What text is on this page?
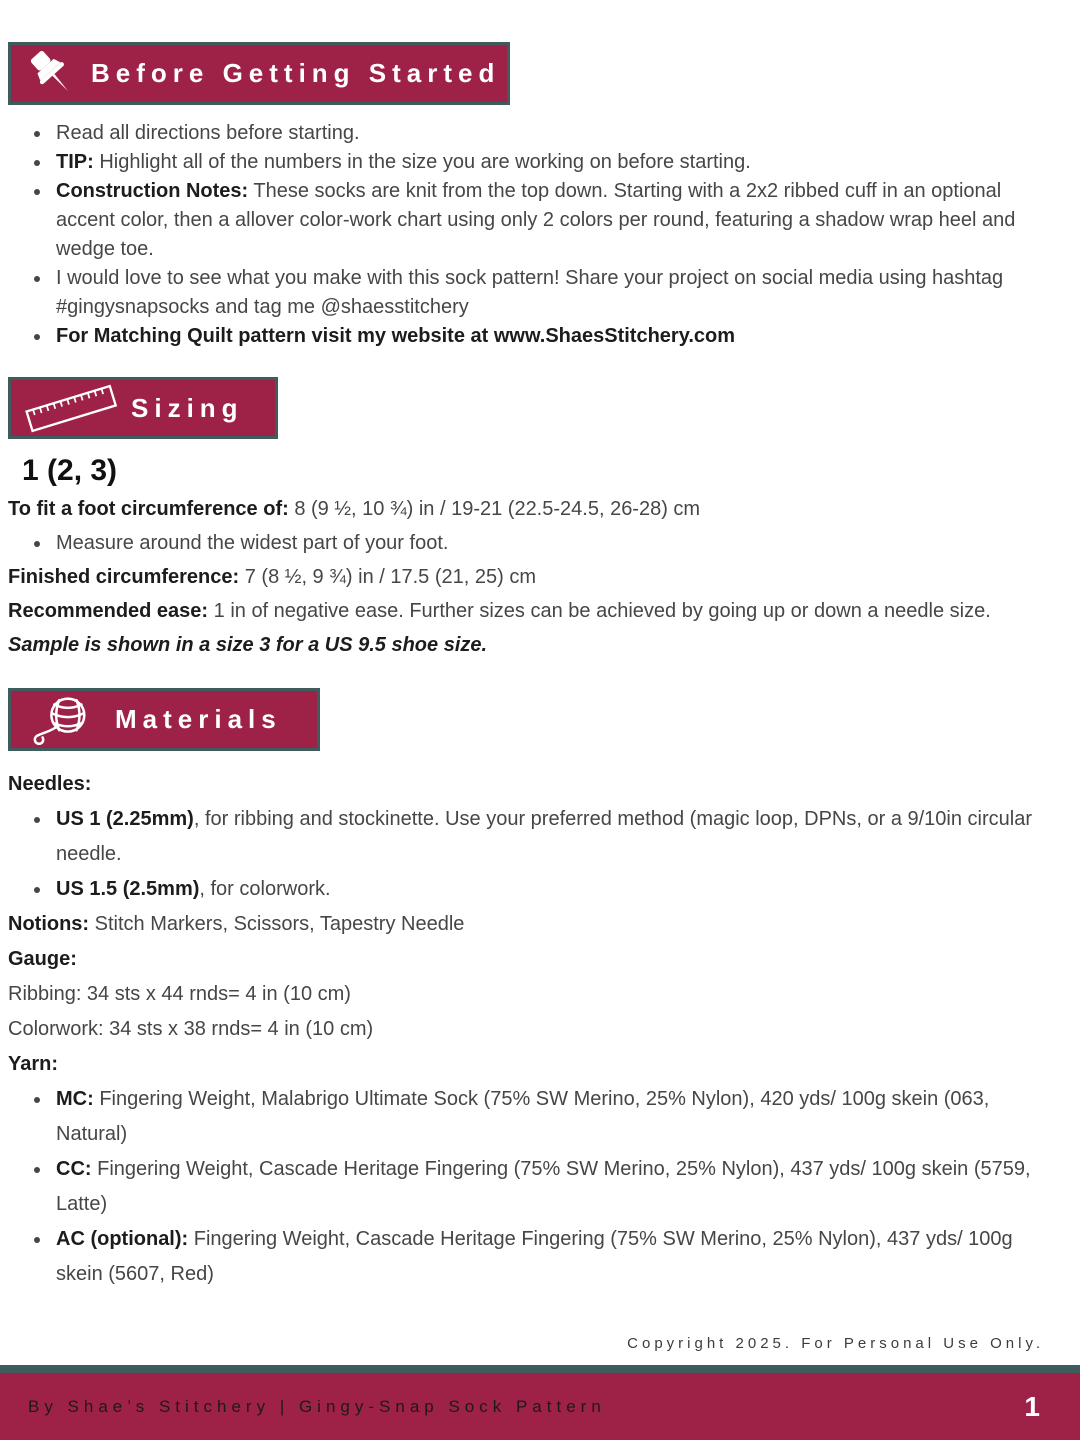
Before Getting Started
• Read all directions before starting.
• TIP: Highlight all of the numbers in the size you are working on before starting.
• Construction Notes: These socks are knit from the top down. Starting with a 2x2 ribbed cuff in an optional accent color, then a allover color-work chart using only 2 colors per round, featuring a shadow wrap heel and wedge toe.
• I would love to see what you make with this sock pattern! Share your project on social media using hashtag #gingysnapsocks and tag me @shaesstitchery
• For Matching Quilt pattern visit my website at www.ShaesStitchery.com
Sizing
1 (2, 3)
To fit a foot circumference of: 8 (9 ½, 10 ¾) in / 19-21 (22.5-24.5, 26-28) cm
• Measure around the widest part of your foot.
Finished circumference: 7 (8 ½, 9 ¾) in / 17.5 (21, 25) cm
Recommended ease: 1 in of negative ease. Further sizes can be achieved by going up or down a needle size. Sample is shown in a size 3 for a US 9.5 shoe size.
Materials
Needles:
• US 1 (2.25mm), for ribbing and stockinette. Use your preferred method (magic loop, DPNs, or a 9/10in circular needle.
• US 1.5 (2.5mm), for colorwork.
Notions: Stitch Markers, Scissors, Tapestry Needle
Gauge:
Ribbing: 34 sts x 44 rnds= 4 in (10 cm)
Colorwork: 34 sts x 38 rnds= 4 in (10 cm)
Yarn:
• MC: Fingering Weight, Malabrigo Ultimate Sock (75% SW Merino, 25% Nylon), 420 yds/ 100g skein (063, Natural)
• CC: Fingering Weight, Cascade Heritage Fingering (75% SW Merino, 25% Nylon), 437 yds/ 100g skein (5759, Latte)
• AC (optional): Fingering Weight, Cascade Heritage Fingering (75% SW Merino, 25% Nylon), 437 yds/ 100g skein (5607, Red)
Copyright 2025. For Personal Use Only.
By Shae’s Stitchery | Gingy-Snap Sock Pattern	1
